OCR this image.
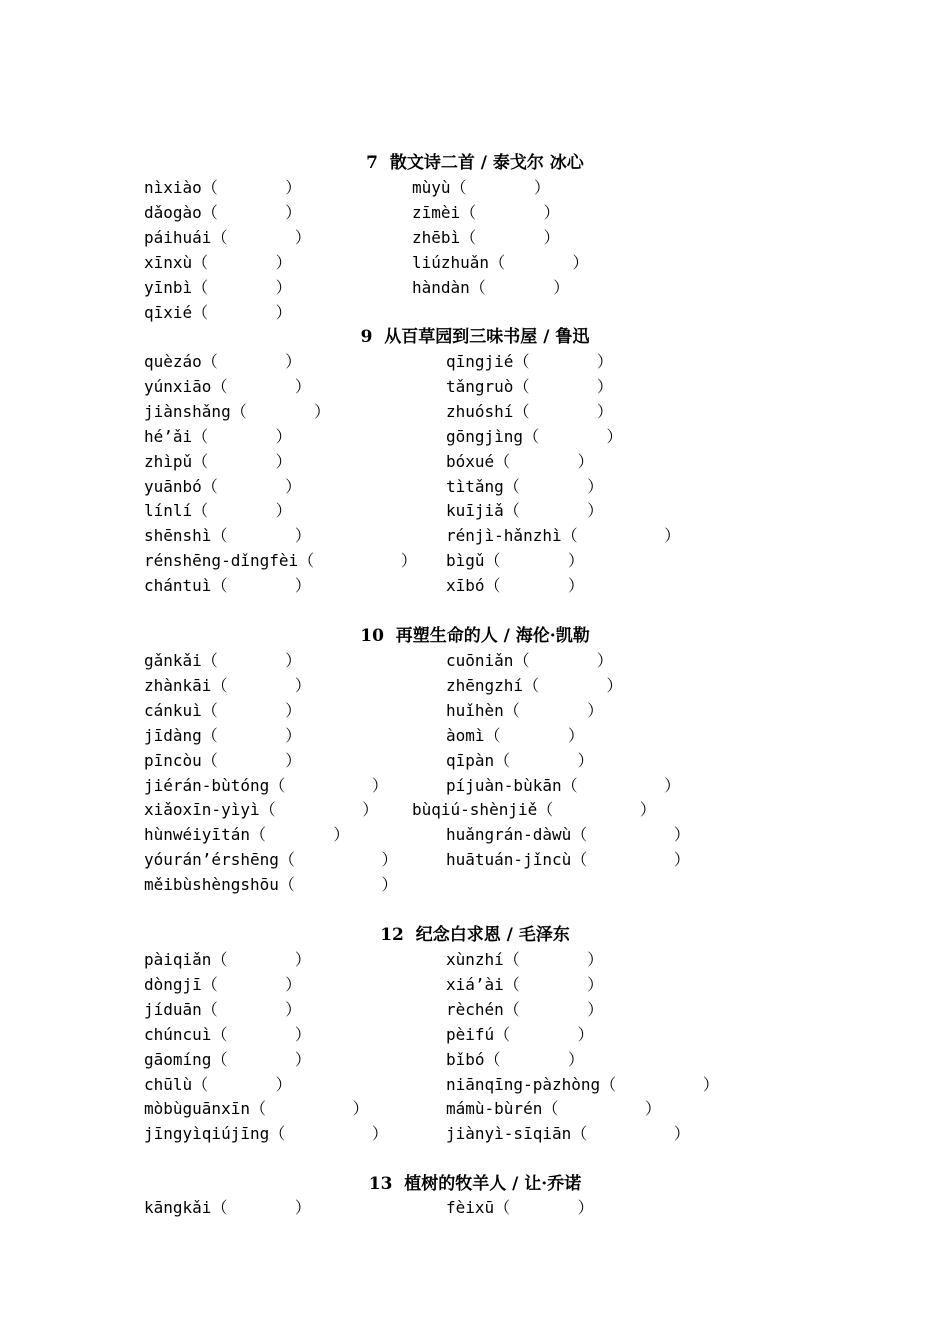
7  散文诗二首 / 泰戈尔 冰心
nìxiào（       ）	mùyù（       ）
dǎogào（       ）	zīmèi（       ）
páihuái（       ）	zhēbì（       ）
xīnxù（       ）	liúzhuǎn（       ）
yīnbì（       ）	hàndàn（       ）
qīxié（       ）
9  从百草园到三味书屋 / 鲁迅
quèzáo（       ）	qīngjié（       ）
yúnxiāo（       ）	tǎngruò（       ）
jiànshǎng（       ）	zhuóshí（       ）
hé’ǎi（       ）	gōngjìng（       ）
zhìpǔ（       ）	bóxué（       ）
yuānbó（       ）	tìtǎng（       ）
línlí（       ）	kuījiǎ（       ）
shēnshì（       ）	rénjì-hǎnzhì（         ）
rénshēng-dǐngfèi（         ） bìgǔ（       ）
chántuì（       ）	xībó（       ）
10  再塑生命的人 / 海伦·凯勒
gǎnkǎi（       ）	cuōniǎn（       ）
zhànkāi（       ）	zhēngzhí（       ）
cánkuì（       ）	huǐhèn（       ）
jīdàng（       ）	àomì（       ）
pīncòu（       ）	qīpàn（       ）
jiérán-bùtóng（         ）	píjuàn-bùkān（         ）
xiǎoxīn-yìyì（         ） bùqiú-shènjiě（         ）
hùnwéiyītán（       ）	huǎngrán-dàwù（         ）
yóurán’érshēng（         ）	huātuán-jǐncù（         ）
měibùshèngshōu（         ）
12  纪念白求恩 / 毛泽东
pàiqiǎn（       ）	xùnzhí（       ）
dòngjī（       ）	xiá’ài（       ）
jíduān（       ）	rèchén（       ）
chúncuì（       ）	pèifú（       ）
gāomíng（       ）	bǐbó（       ）
chūlù（       ）	niānqīng-pàzhòng（         ）
mòbùguānxīn（         ）	mámù-bùrén（         ）
jīngyìqiújīng（         ）	jiànyì-sīqiān（         ）
13  植树的牧羊人 / 让·乔诺
kāngkǎi（       ）	fèixū（       ）
